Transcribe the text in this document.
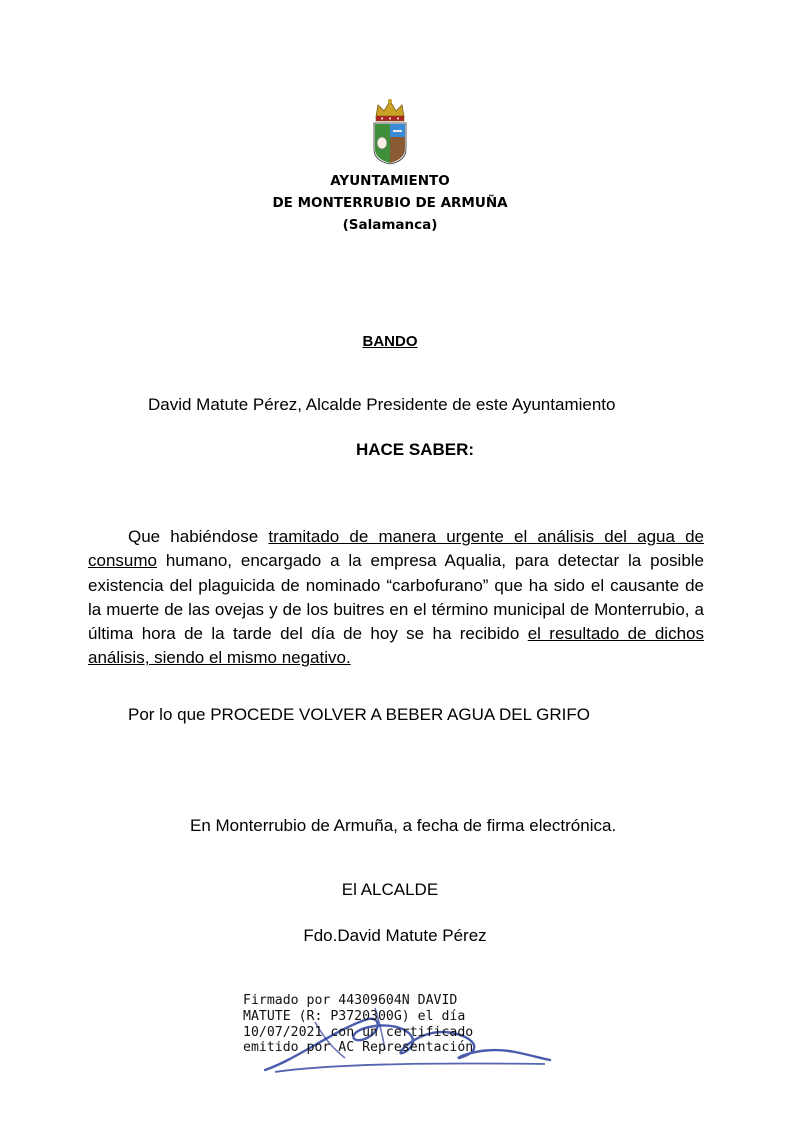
AYUNTAMIENTO
DE MONTERRUBIO DE ARMUÑA
(Salamanca)
BANDO
David Matute Pérez, Alcalde Presidente de este Ayuntamiento
HACE SABER:
Que habiéndose tramitado de manera urgente el análisis del agua de consumo humano, encargado a la empresa Aqualia, para detectar la posible existencia del plaguicida de nominado “carbofurano” que ha sido el causante de la muerte de las ovejas y de los buitres en el término municipal de Monterrubio, a última hora de la tarde del día de hoy se ha recibido el resultado de dichos análisis, siendo el mismo negativo.
Por lo que PROCEDE VOLVER A BEBER AGUA DEL GRIFO
En Monterrubio de Armuña, a fecha de firma electrónica.
El ALCALDE
Fdo.David Matute Pérez
Firmado por 44309604N DAVID
MATUTE (R: P3720300G) el día
10/07/2021 con un certificado
emitido por AC Representación
